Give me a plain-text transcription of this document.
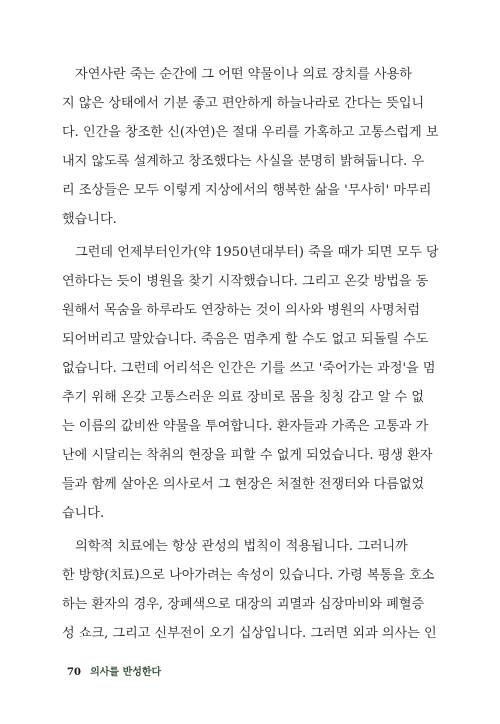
　자연사란 죽는 순간에 그 어떤 약물이나 의료 장치를 사용하
지 않은 상태에서 기분 좋고 편안하게 하늘나라로 간다는 뜻입니
다. 인간을 창조한 신(자연)은 절대 우리를 가혹하고 고통스럽게 보
내지 않도록 설계하고 창조했다는 사실을 분명히 밝혀둡니다. 우
리 조상들은 모두 이렇게 지상에서의 행복한 삶을 '무사히' 마무리
했습니다.

　그런데 언제부터인가(약 1950년대부터) 죽을 때가 되면 모두 당
연하다는 듯이 병원을 찾기 시작했습니다. 그리고 온갖 방법을 동
원해서 목숨을 하루라도 연장하는 것이 의사와 병원의 사명처럼
되어버리고 말았습니다. 죽음은 멈추게 할 수도 없고 되돌릴 수도
없습니다. 그런데 어리석은 인간은 기를 쓰고 '죽어가는 과정'을 멈
추기 위해 온갖 고통스러운 의료 장비로 몸을 칭칭 감고 알 수 없
는 이름의 값비싼 약물을 투여합니다. 환자들과 가족은 고통과 가
난에 시달리는 착취의 현장을 피할 수 없게 되었습니다. 평생 환자
들과 함께 살아온 의사로서 그 현장은 처절한 전쟁터와 다름없었
습니다.

　의학적 치료에는 항상 관성의 법칙이 적용됩니다. 그러니까
한 방향(치료)으로 나아가려는 속성이 있습니다. 가령 복통을 호소
하는 환자의 경우, 장폐색으로 대장의 괴멸과 심장마비와 폐혈증
성 쇼크, 그리고 신부전이 오기 십상입니다. 그러면 외과 의사는 인

70 의사를 반성한다
